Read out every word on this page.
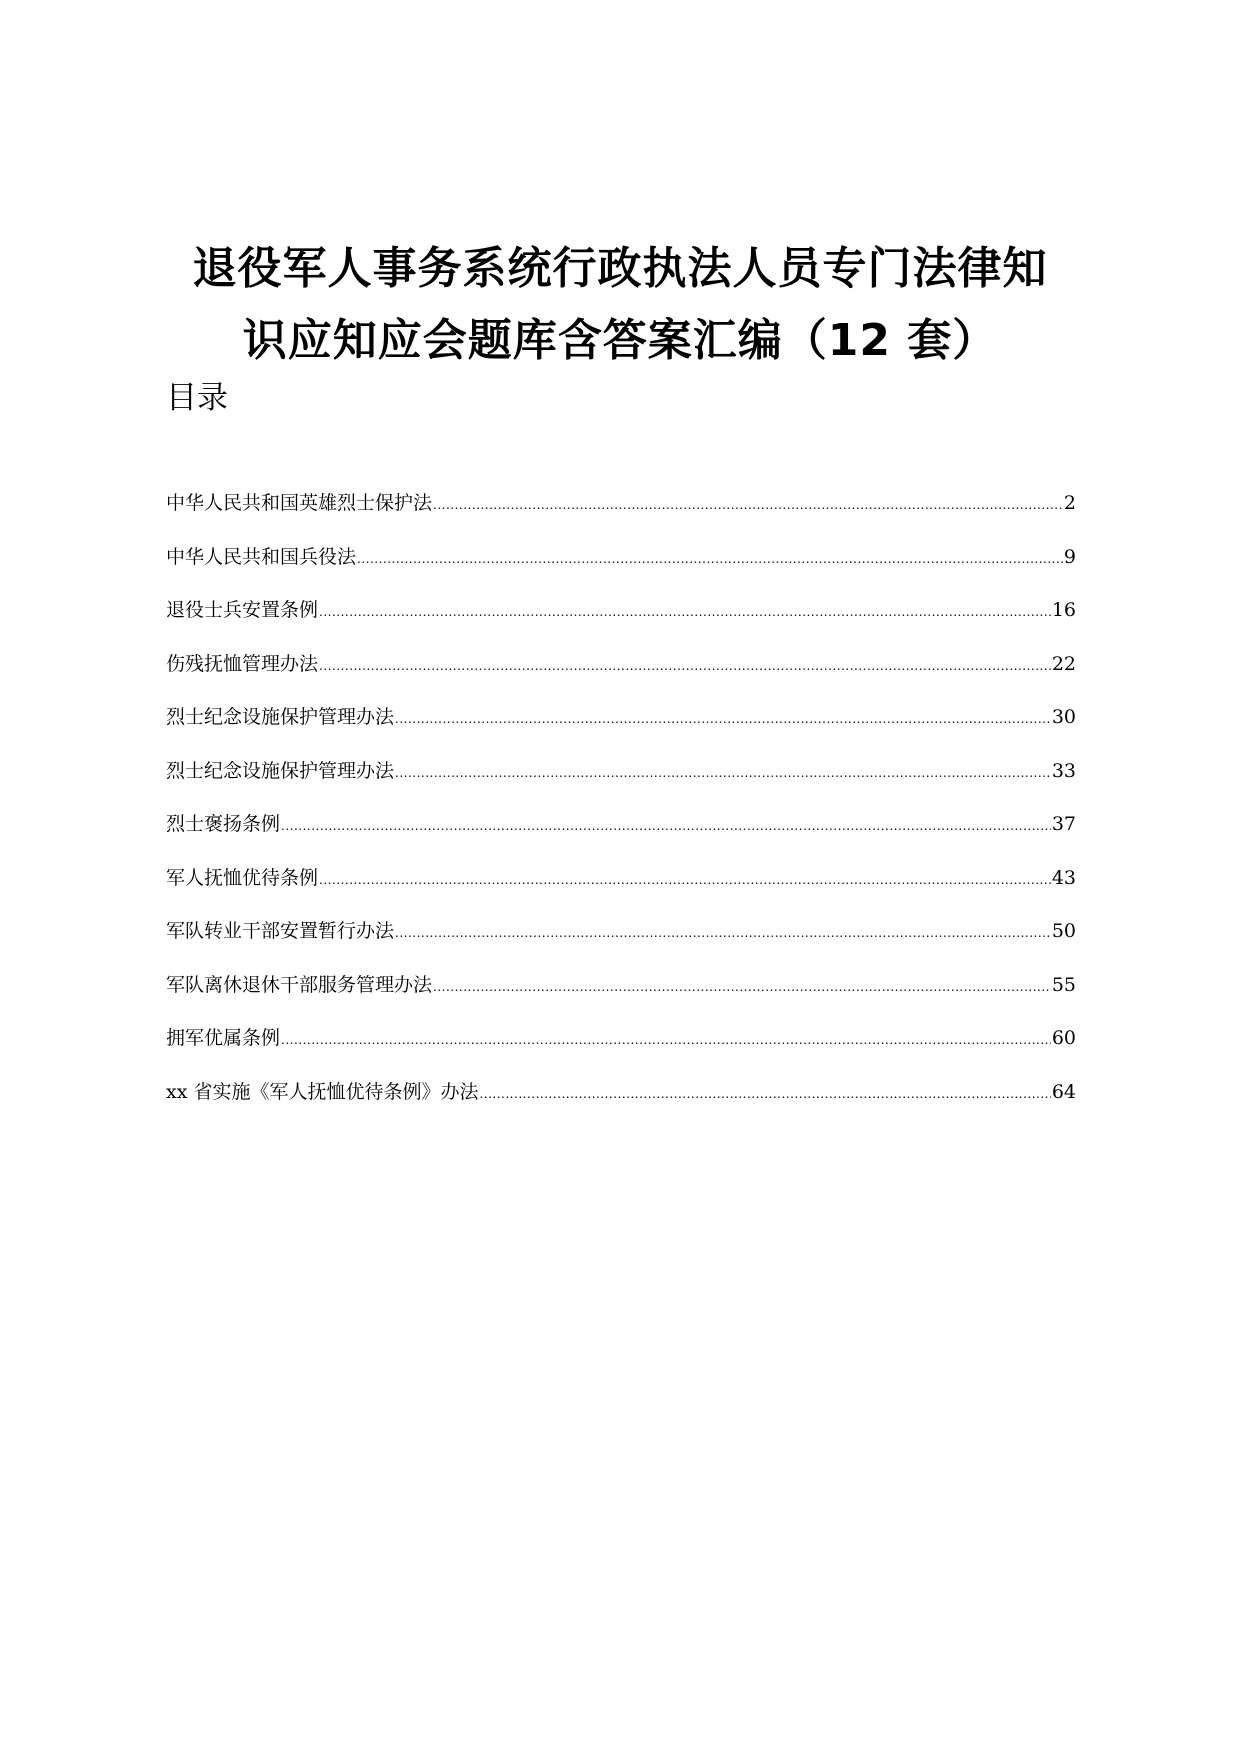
退役军人事务系统行政执法人员专门法律知
识应知应会题库含答案汇编（12 套）
目录
中华人民共和国英雄烈士保护法 .....	2
中华人民共和国兵役法 .....	9
退役士兵安置条例 .....	16
伤残抚恤管理办法 .....	22
烈士纪念设施保护管理办法 .....	30
烈士纪念设施保护管理办法 .....	33
烈士褒扬条例 .....	37
军人抚恤优待条例 .....	43
军队转业干部安置暂行办法 .....	50
军队离休退休干部服务管理办法 .....	55
拥军优属条例 .....	60
xx 省实施《军人抚恤优待条例》办法 .....	64
